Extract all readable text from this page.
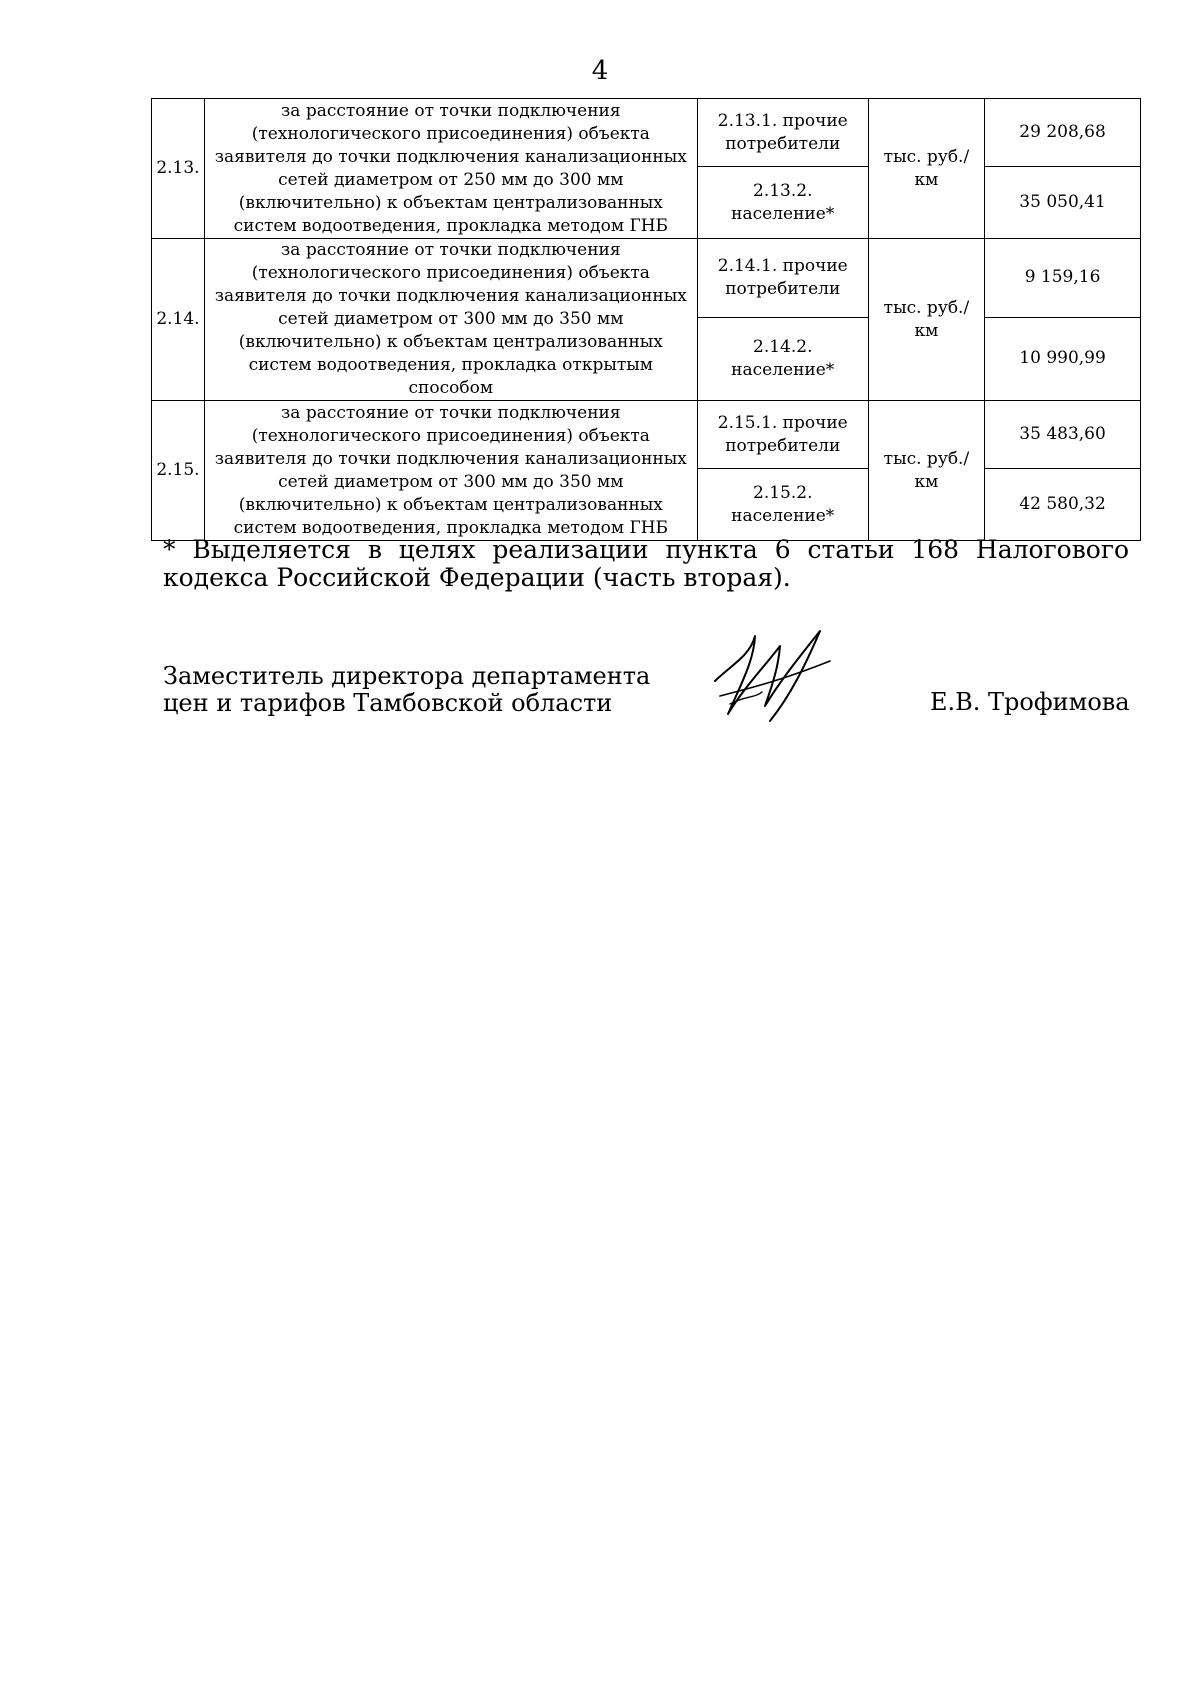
4
2.13.	за расстояние от точки подключения (технологического присоединения) объекта заявителя до точки подключения канализационных сетей диаметром от 250 мм до 300 мм (включительно) к объектам централизованных систем водоотведения, прокладка методом ГНБ	2.13.1. прочие потребители	тыс. руб./км	29 208,68
		2.13.2. население*		35 050,41
2.14.	за расстояние от точки подключения (технологического присоединения) объекта заявителя до точки подключения канализационных сетей диаметром от 300 мм до 350 мм (включительно) к объектам централизованных систем водоотведения, прокладка открытым способом	2.14.1. прочие потребители	тыс. руб./км	9 159,16
		2.14.2. население*		10 990,99
2.15.	за расстояние от точки подключения (технологического присоединения) объекта заявителя до точки подключения канализационных сетей диаметром от 300 мм до 350 мм (включительно) к объектам централизованных систем водоотведения, прокладка методом ГНБ	2.15.1. прочие потребители	тыс. руб./км	35 483,60
		2.15.2. население*		42 580,32
* Выделяется в целях реализации пункта 6 статьи 168 Налогового кодекса Российской Федерации (часть вторая).
Заместитель директора департамента
цен и тарифов Тамбовской области	Е.В. Трофимова
